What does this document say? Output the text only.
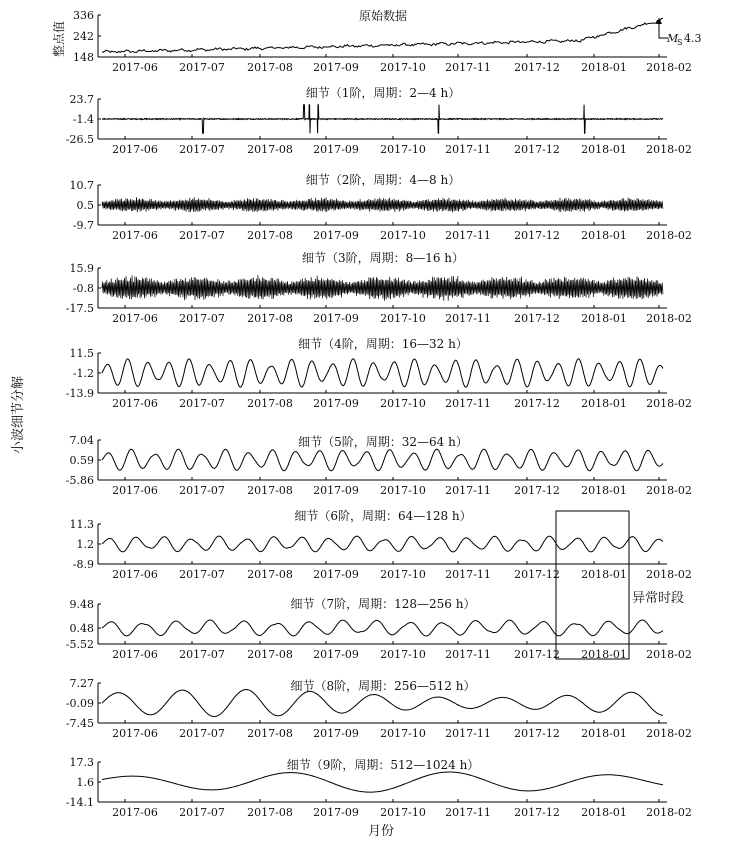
小波细节分解
月份
原始数据
整点值
336
242
148
2017-06 2017-07 2017-08 2017-09 2017-10 2017-11 2017-12 2018-01 2018-02
细节（1阶，周期：2—4 h）
23.7
-1.4
-26.5
2017-06 2017-07 2017-08 2017-09 2017-10 2017-11 2017-12 2018-01 2018-02
细节（2阶，周期：4—8 h）
10.7
0.5
-9.7
2017-06 2017-07 2017-08 2017-09 2017-10 2017-11 2017-12 2018-01 2018-02
细节（3阶，周期：8—16 h）
15.9
-0.8
-17.5
2017-06 2017-07 2017-08 2017-09 2017-10 2017-11 2017-12 2018-01 2018-02
细节（4阶，周期：16—32 h）
11.5
-1.2
-13.9
2017-06 2017-07 2017-08 2017-09 2017-10 2017-11 2017-12 2018-01 2018-02
细节（5阶，周期：32—64 h）
7.04
0.59
-5.86
2017-06 2017-07 2017-08 2017-09 2017-10 2017-11 2017-12 2018-01 2018-02
细节（6阶，周期：64—128 h）
11.3
1.2
-8.9
2017-06 2017-07 2017-08 2017-09 2017-10 2017-11 2017-12 2018-01 2018-02
细节（7阶，周期：128—256 h）
9.48
0.48
-5.52
2017-06 2017-07 2017-08 2017-09 2017-10 2017-11 2017-12 2018-01 2018-02
细节（8阶，周期：256—512 h）
7.27
-0.09
-7.45
2017-06 2017-07 2017-08 2017-09 2017-10 2017-11 2017-12 2018-01 2018-02
细节（9阶，周期：512—1024 h）
17.3
1.6
-14.1
2017-06 2017-07 2017-08 2017-09 2017-10 2017-11 2017-12 2018-01 2018-02
异常时段
M
S 4.3
